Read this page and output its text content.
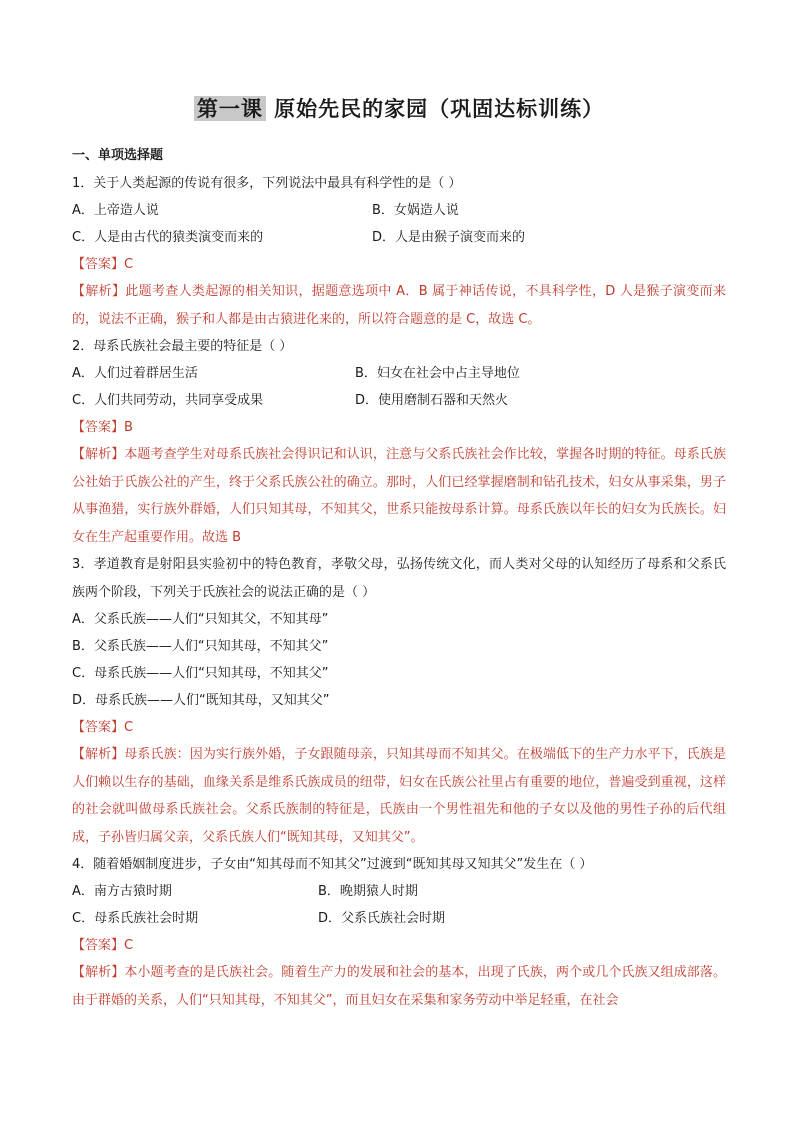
第一课 原始先民的家园（巩固达标训练）
一、单项选择题
1．关于人类起源的传说有很多，下列说法中最具有科学性的是（ ）
A．上帝造人说	B．女娲造人说
C．人是由古代的猿类演变而来的	D．人是由猴子演变而来的
【答案】C
【解析】此题考查人类起源的相关知识，据题意选项中 A．B 属于神话传说，不具科学性，D 人是猴子演变而来的，说法不正确，猴子和人都是由古猿进化来的，所以符合题意的是 C，故选 C。
2．母系氏族社会最主要的特征是（ ）
A．人们过着群居生活	B．妇女在社会中占主导地位
C．人们共同劳动，共同享受成果	D．使用磨制石器和天然火
【答案】B
【解析】本题考查学生对母系氏族社会得识记和认识，注意与父系氏族社会作比较，掌握各时期的特征。母系氏族公社始于氏族公社的产生，终于父系氏族公社的确立。那时，人们已经掌握磨制和钻孔技术，妇女从事采集，男子从事渔猎，实行族外群婚，人们只知其母，不知其父，世系只能按母系计算。母系氏族以年长的妇女为氏族长。妇女在生产起重要作用。故选 B
3．孝道教育是射阳县实验初中的特色教育，孝敬父母，弘扬传统文化，而人类对父母的认知经历了母系和父系氏族两个阶段，下列关于氏族社会的说法正确的是（ ）
A．父系氏族——人们“只知其父，不知其母”
B．父系氏族——人们“只知其母，不知其父”
C．母系氏族——人们“只知其母，不知其父”
D．母系氏族——人们“既知其母，又知其父”
【答案】C
【解析】母系氏族：因为实行族外婚，子女跟随母亲，只知其母而不知其父。在极端低下的生产力水平下，氏族是人们赖以生存的基础，血缘关系是维系氏族成员的纽带，妇女在氏族公社里占有重要的地位，普遍受到重视，这样的社会就叫做母系氏族社会。父系氏族制的特征是，氏族由一个男性祖先和他的子女以及他的男性子孙的后代组成，子孙皆归属父亲，父系氏族人们“既知其母，又知其父”。
4．随着婚姻制度进步，子女由“知其母而不知其父”过渡到“既知其母又知其父”发生在（ ）
A．南方古猿时期	B．晚期猿人时期
C．母系氏族社会时期	D．父系氏族社会时期
【答案】C
【解析】本小题考查的是氏族社会。随着生产力的发展和社会的基本，出现了氏族，两个或几个氏族又组成部落。由于群婚的关系，人们“只知其母，不知其父”，而且妇女在采集和家务劳动中举足轻重，在社会
